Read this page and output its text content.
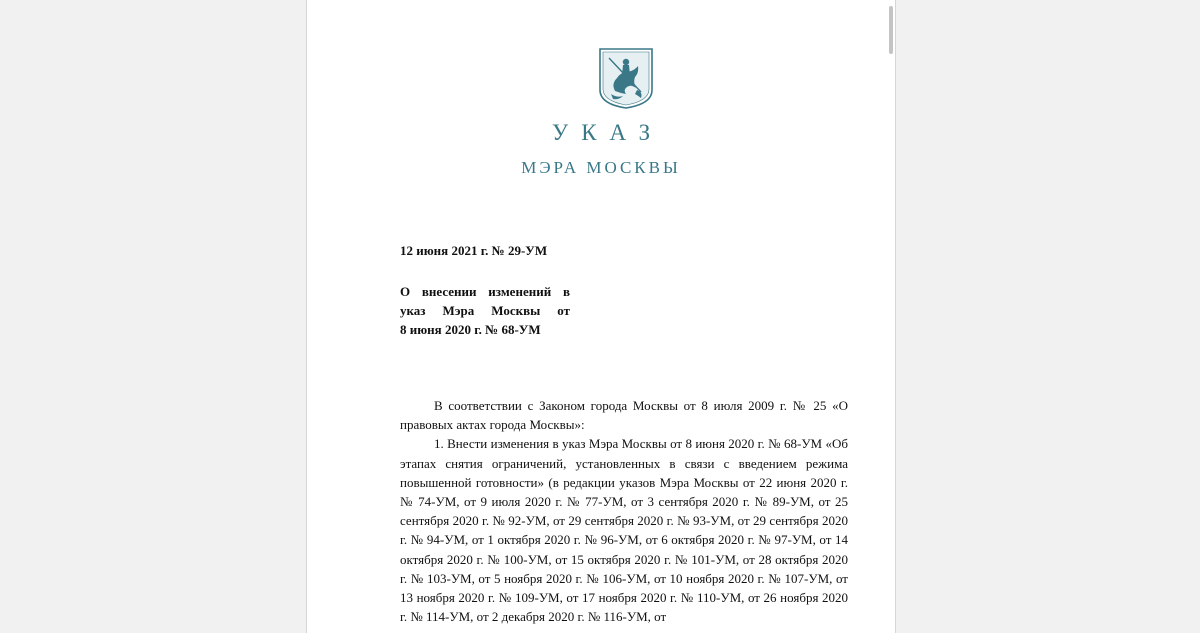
УКАЗ
МЭРА МОСКВЫ
12 июня 2021 г. № 29-УМ
О внесении изменений в
указ Мэра Москвы от
8 июня 2020 г. № 68-УМ

В соответствии с Законом города Москвы от 8 июля 2009 г. № 25 «О правовых актах города Москвы»:

1. Внести изменения в указ Мэра Москвы от 8 июня 2020 г. № 68-УМ «Об этапах снятия ограничений, установленных в связи с введением режима повышенной готовности» (в редакции указов Мэра Москвы от 22 июня 2020 г. № 74-УМ, от 9 июля 2020 г. № 77-УМ, от 3 сентября 2020 г. № 89-УМ, от 25 сентября 2020 г. № 92-УМ, от 29 сентября 2020 г. № 93-УМ, от 29 сентября 2020 г. № 94-УМ, от 1 октября 2020 г. № 96-УМ, от 6 октября 2020 г. № 97-УМ, от 14 октября 2020 г. № 100-УМ, от 15 октября 2020 г. № 101-УМ, от 28 октября 2020 г. № 103-УМ, от 5 ноября 2020 г. № 106-УМ, от 10 ноября 2020 г. № 107-УМ, от 13 ноября 2020 г. № 109-УМ, от 17 ноября 2020 г. № 110-УМ, от 26 ноября 2020 г. № 114-УМ, от 2 декабря 2020 г. № 116-УМ, от
